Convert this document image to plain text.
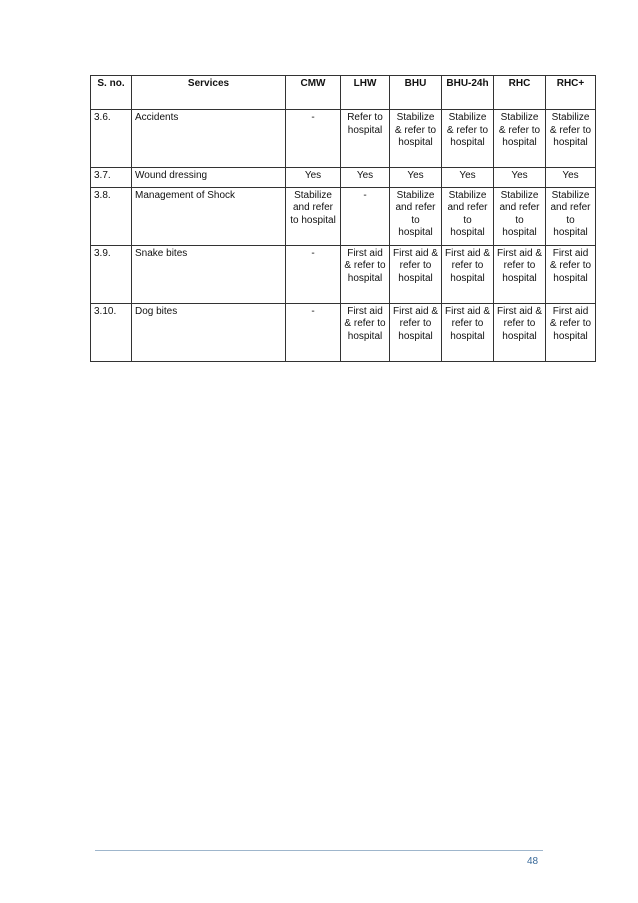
S. no.	Services	CMW	LHW	BHU	BHU-24h	RHC	RHC+
3.6.	Accidents	-	Refer to hospital	Stabilize & refer to hospital	Stabilize & refer to hospital	Stabilize & refer to hospital	Stabilize & refer to hospital
3.7.	Wound dressing	Yes	Yes	Yes	Yes	Yes	Yes
3.8.	Management of Shock	Stabilize and refer to hospital	-	Stabilize and refer to hospital	Stabilize and refer to hospital	Stabilize and refer to hospital	Stabilize and refer to hospital
3.9.	Snake bites	-	First aid & refer to hospital	First aid & refer to hospital	First aid & refer to hospital	First aid & refer to hospital	First aid & refer to hospital
3.10.	Dog bites	-	First aid & refer to hospital	First aid & refer to hospital	First aid & refer to hospital	First aid & refer to hospital	First aid & refer to hospital
48
